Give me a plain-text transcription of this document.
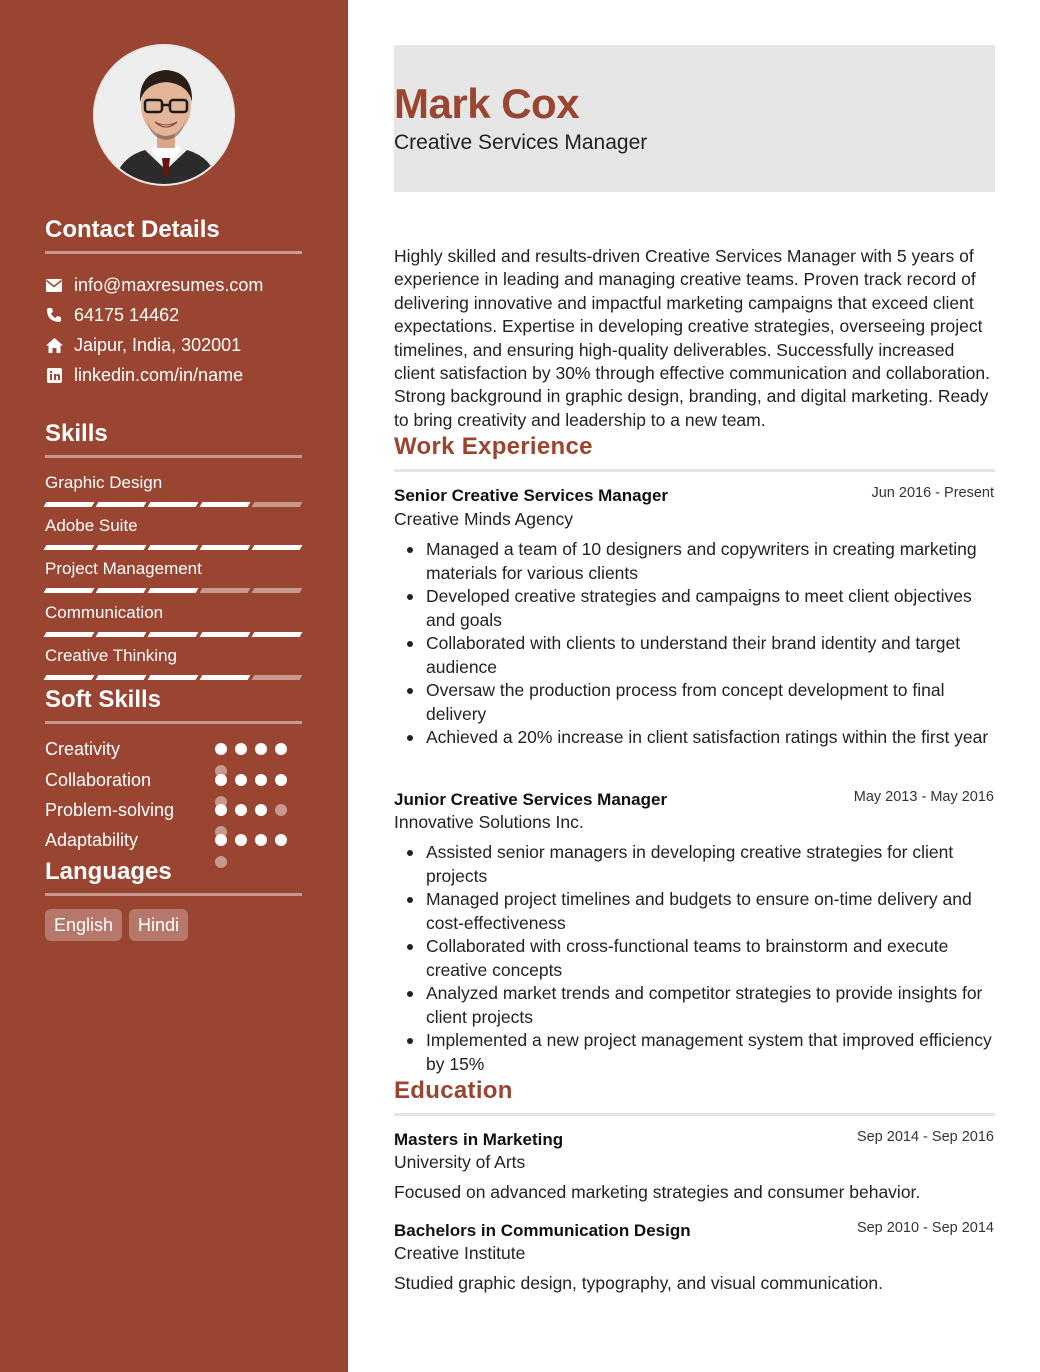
Contact Details
info@maxresumes.com
64175 14462
Jaipur, India, 302001
linkedin.com/in/name
Skills
Graphic Design
Adobe Suite
Project Management
Communication
Creative Thinking
Soft Skills
Creativity
Collaboration
Problem-solving
Adaptability
Languages
English	Hindi
Mark Cox
Creative Services Manager
Highly skilled and results-driven Creative Services Manager with 5 years of experience in leading and managing creative teams. Proven track record of delivering innovative and impactful marketing campaigns that exceed client expectations. Expertise in developing creative strategies, overseeing project timelines, and ensuring high-quality deliverables. Successfully increased client satisfaction by 30% through effective communication and collaboration. Strong background in graphic design, branding, and digital marketing. Ready to bring creativity and leadership to a new team.
Work Experience
Senior Creative Services Manager	Jun 2016 - Present
Creative Minds Agency
Managed a team of 10 designers and copywriters in creating marketing materials for various clients
Developed creative strategies and campaigns to meet client objectives and goals
Collaborated with clients to understand their brand identity and target audience
Oversaw the production process from concept development to final delivery
Achieved a 20% increase in client satisfaction ratings within the first year
Junior Creative Services Manager	May 2013 - May 2016
Innovative Solutions Inc.
Assisted senior managers in developing creative strategies for client projects
Managed project timelines and budgets to ensure on-time delivery and cost-effectiveness
Collaborated with cross-functional teams to brainstorm and execute creative concepts
Analyzed market trends and competitor strategies to provide insights for client projects
Implemented a new project management system that improved efficiency by 15%
Education
Masters in Marketing	Sep 2014 - Sep 2016
University of Arts
Focused on advanced marketing strategies and consumer behavior.
Bachelors in Communication Design	Sep 2010 - Sep 2014
Creative Institute
Studied graphic design, typography, and visual communication.
